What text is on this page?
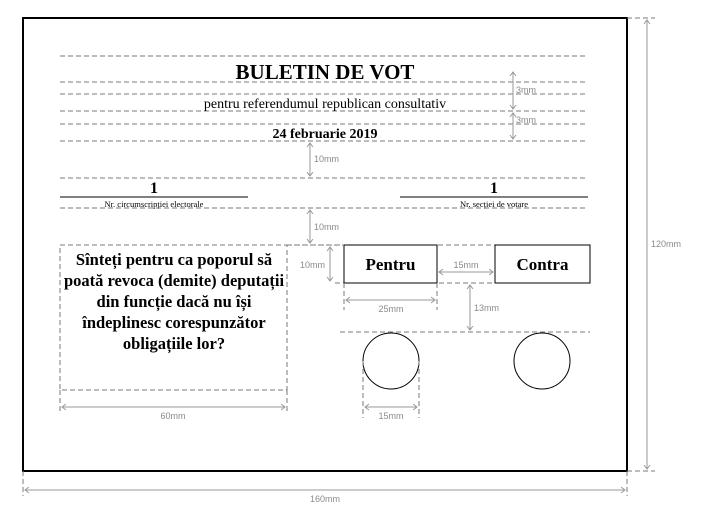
BULETIN DE VOT
pentru referendumul republican consultativ
24 februarie 2019
1
Nr. circumscripției electorale
1
Nr. secției de votare
60mm
10mm	15mm
25mm	13mm
15mm
10mm
10mm
3mm
3mm
160mm
120mm
Sînteți pentru ca poporul să poată revoca (demite) deputații din funcție dacă nu își îndeplinesc corespunzător obligațiile lor?
Pentru	Contra
